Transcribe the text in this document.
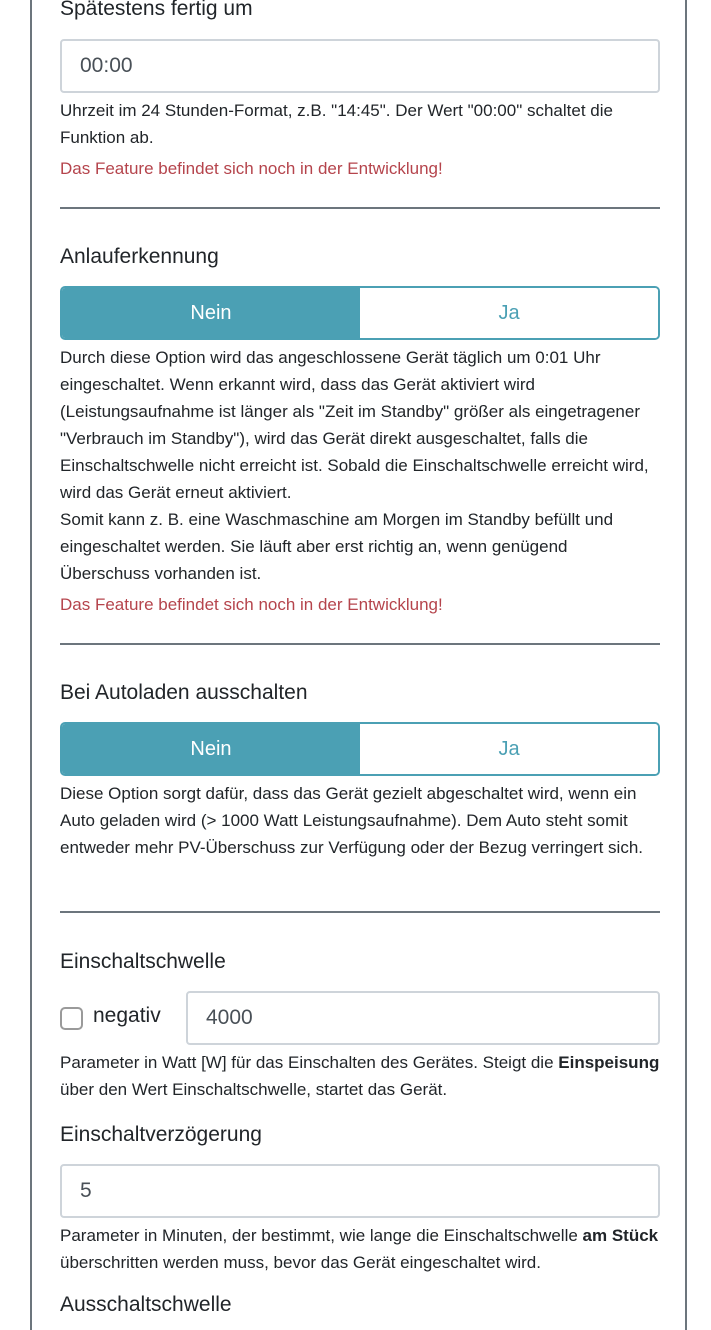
Spätestens fertig um
00:00
Uhrzeit im 24 Stunden-Format, z.B. "14:45". Der Wert "00:00" schaltet die Funktion ab.
Das Feature befindet sich noch in der Entwicklung!
Anlauferkennung
Nein	Ja
Durch diese Option wird das angeschlossene Gerät täglich um 0:01 Uhr eingeschaltet. Wenn erkannt wird, dass das Gerät aktiviert wird (Leistungsaufnahme ist länger als "Zeit im Standby" größer als eingetragener "Verbrauch im Standby"), wird das Gerät direkt ausgeschaltet, falls die Einschaltschwelle nicht erreicht ist. Sobald die Einschaltschwelle erreicht wird, wird das Gerät erneut aktiviert.
Somit kann z. B. eine Waschmaschine am Morgen im Standby befüllt und eingeschaltet werden. Sie läuft aber erst richtig an, wenn genügend Überschuss vorhanden ist.
Das Feature befindet sich noch in der Entwicklung!
Bei Autoladen ausschalten
Nein	Ja
Diese Option sorgt dafür, dass das Gerät gezielt abgeschaltet wird, wenn ein Auto geladen wird (> 1000 Watt Leistungsaufnahme). Dem Auto steht somit entweder mehr PV-Überschuss zur Verfügung oder der Bezug verringert sich.
Einschaltschwelle
negativ	4000
Parameter in Watt [W] für das Einschalten des Gerätes. Steigt die Einspeisung über den Wert Einschaltschwelle, startet das Gerät.
Einschaltverzögerung
5
Parameter in Minuten, der bestimmt, wie lange die Einschaltschwelle am Stück überschritten werden muss, bevor das Gerät eingeschaltet wird.
Ausschaltschwelle
